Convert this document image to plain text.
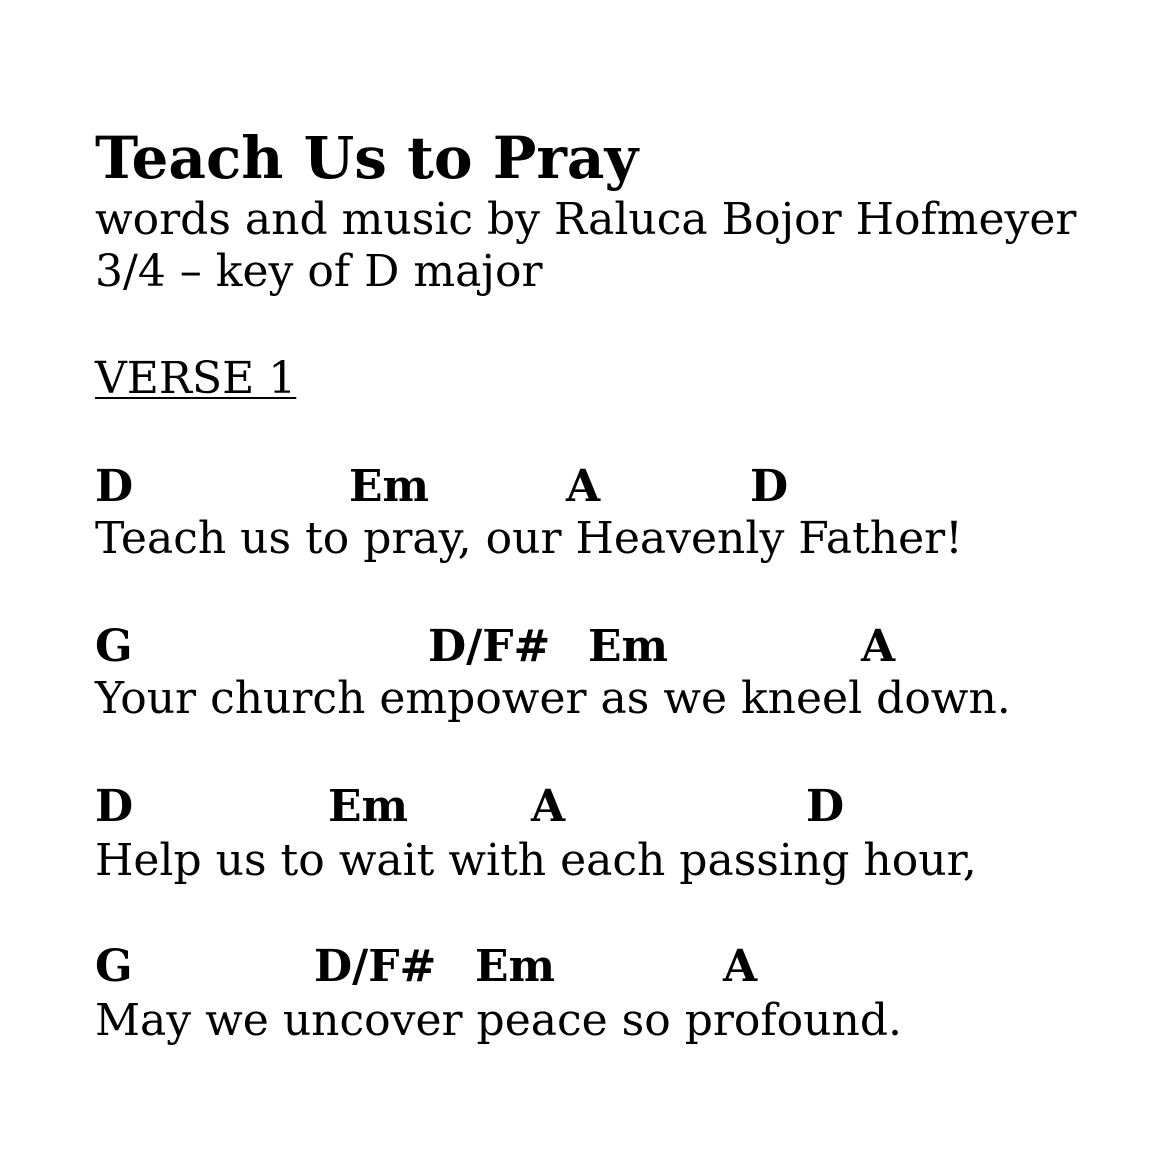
Teach Us to Pray
words and music by Raluca Bojor Hofmeyer
3/4 – key of D major
VERSE 1
D	Em	A	D
Teach us to pray, our Heavenly Father!
G	D/F# Em	A
Your church empower as we kneel down.
D	Em	A	D
Help us to wait with each passing hour,
G	D/F# Em	A
May we uncover peace so profound.
